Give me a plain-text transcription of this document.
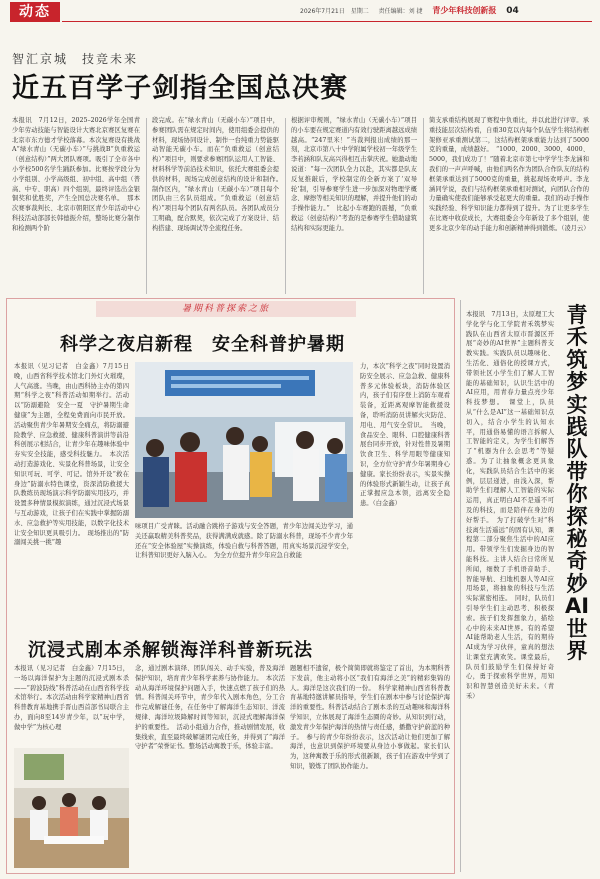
动态	2026年7月21日　星期二 　 责任编辑：刘 捷 　 青少年科技创新报 　 04
智汇京城　技竞未来
近五百学子剑指全国总决赛
本报讯　7月12日，2025–2026学年全国青少年劳动技能与智能设计大赛北京赛区复赛在北京市东方德才学校落幕。本次复赛设有挑战A“绿水青山（无碳小车）”与挑战B“负重救运（创意结构）”两大团队赛项。吸引了全市各中小学校500名学生踊跃参加。比赛按学段分为小学组别、小学高级组、初中组、高中组（普高、中专、职高）四个组别，最终评选出金银铜奖和优胜奖，产生全国总决赛名单。　那本次赛事裁判长、北京市朝阳区青少年活动中心科技活动部部长韩德振介绍，整场比赛分制作和检测两个阶
段完成。在“绿水青山（无碳小车）”项目中，参赛团队需在规定时间内，使用组委会提供的材料，现场协同设计、制作一台纯重力势能驱动智能无碳小车。而在“负重救运（创意结构）”项目中，则要求参赛团队运用人工智能、材料科学等前沿技术知识，依托大赛组委会提供的材料，现场完成创意结构的设计和制作。　制作区内，“绿水青山（无碳小车）”项目每个团队由三名队员组成。“负重救运（创意结构）”项目每个团队有两名队员。各团队成员分工明确，配合默契，依次完成了方案设计、结构搭建、现场调试等全流程任务。
根据评审规则，“绿水青山（无碳小车）”项目的小车要在规定赛道内有效行驶距离越远成绩越高。“247里米！”当裁判报出成绩的那一刻，北京市第八十中学附属学校初一年级学生李若涵和队友高兴得相互击掌庆祝。她激动地说道：“每一次团队全力以赴，其实都是队友反复推敲后，学校制定的全新方案了‘双导轮’制，引导参赛学生进一步加深对物理学概念、摩擦等相关知识的理解，并提升他们的动手操作能力。”　比起小车赛跑的震撼，“负重救运（创意结构）”考查的是参赛学生借助建筑结构和实际更能力。
简支承重结构展现了赛程中负重比，并以此进行评审。承重技能层次结构看，自重30克以内每个队伍学生将结构框架修亚承重测试第二，这结构框架承重能力达到了5000克的重量，成绩越好。　“1000、2000、3000、4000、5000，我们成功了！”随着北京市第七中学学生李龙涵和我们的一声声呼喊，由他们两名作为团队合作队友的结构框架承重达到了5000克的重量，挑起现场欢呼声。李龙涵同学说，我们与结构框架承重相对测试，向团队合作的力量确实使我们能够承受起更大的重量。我们的动手操作实践经验、科学知识能力都得到了提升。为了让更多学生在比赛中收获成长，大赛组委会今年新设了多个组别，使更多北京少年的动手能力和创新精神得到锻炼。（凌月云）
暑期科普探索之旅
科学之夜启新程　安全科普护暑期
本报讯（见习记者　白金鑫）7月15日晚，山西省科学技术馆北门外灯火璀璨，人气高涨。当晚，由山西科协主办的第四期“科学之夜”科普活动如期举行。活动以“防溺避险　安全一夏　守护暑期生命健康”为主题，全程免费面向市民开放。活动聚焦青少年暑期安全痛点，将防溺避险教学、应急救援、健康科普演讲等前沿科创展示相结合，让青少年在趣味体验中夯实安全技能，感受科技魅力。　本次活动打造游戏化、实景化科普场景，让安全知识可玩、可学、可记。馆外开设“救在身边”防溺水特色课堂，资深消防救援大队教练员现场演示科学防溺实用技巧，并设置多种情景模拟演练，通过沉浸式场景与互动游戏，让孩子们在实践中掌握防溺水、应急救护等实用技能，以数字化技术让安全知识更具吸引力。　现场推出的“防溺闯关挑一挑”趣
力，本次“科学之夜”同时设置消防安全展示、应急急救、健康科普多元体验板块，消防体验区内，孩子们有序登上消防车观看装备，近距离观摩智能救援设备，聆听消防员讲解火灾防范、用电、用气安全常识。　当晚，食品安全、眼科、口腔健康科普展台同步开放，针对性普及暑期饮食卫生、科学用眼等健康知识，全方位守护青少年暑期身心健康。家长纷纷表示，实景实操的体验形式新颖生动，让孩子真正掌握应急本领，远离安全隐患。（白金鑫）
味项目广受青睐。活动融合跳格子游戏与安全答题，青少年边闯关边学习，通关还赢取精美科普奖品，获得满满成就感。除了防溺水科普，现场不少青少年还在“安全体验屋”实操演练，体验自救与科普答题，用真实场景沉浸学安全，让科普知识更好入脑入心。　为全方位提升青少年应急自救能
沉浸式剧本杀解锁海洋科普新玩法
本报讯（见习记者　白金鑫）7月15日，一场以海洋保护为主题的沉浸式剧本杀——“碧波防线”科普活动在山西省科学技术馆举行。本次活动由科学家精神山西省科普教育基地携手晋山西首部书局联合主办，面向8至14岁青少年，以“玩中学，做中学”为核心理
念，通过剧本演绎、团队闯关、动手实验，普及海洋保护知识，培育青少年科学素养与协作能力。　本次活动从海洋环境保护问题入手，快速点燃了孩子们的热情。科普闯关环节中，青少年代入剧本角色，分工合作完成解谜任务，在任务中了解海洋生态知识、洋流规律、海洋垃圾降解时间等知识，沉浸式理解海洋保护的重要性。　活动小组通力合作，推动剧情发展，收集线索，直至最终破解谜团完成任务，并得到了“海洋守护者”荣誉证书。整场活动寓教于乐，体验丰富。
题题相不遗留，极个简简即就将鉴定了首出，为本期科普下发前，他主动将小区“我们有海洋之美”的精彩集锦的人。海洋是这次我们的一份。　科学家精神山西省科普教育基地特邀讲解员指导，学生们在剧本中参与讨论保护海洋的重要性。科普活动结合了剧本杀的互动趣味和海洋科学知识，立体展现了海洋生态圈的奇妙。从知识到行动，激发青少年保护海洋的热情与责任感，播撒守护蔚蓝的种子。　参与的青少年纷纷表示，这次活动让他们更加了解海洋，也意识到保护环境要从身边小事做起。家长们认为，这种寓教于乐的形式很新颖，孩子们在游戏中学到了知识，锻炼了团队协作能力。
青禾筑梦实践队带你探秘奇妙AI世界
本报讯　7月13日，太原理工大学化学与化工学院青禾筑梦实践队在山西省太原市晋源区开展“奇妙的AI世界”主题科普支教实践。实践队员以趣味化、生活化、通俗化的授课方式，带领社区小学生们了解人工智能的基础知识，认识生活中的AI应用，用青春力量点亮少年科技梦想。　课堂上，队员从“什么是AI”这一基础知识点切入，结合小学生的认知水平，用通俗易懂的语言拆解人工智能的定义，为学生们解答了“机器为什么会思考”等疑惑。为了让抽象概念更具象化，实践队员结合生活中的案例，层层递进，由浅入深，帮助学生们理解人工智能的实际运用，真正明白AI不是遥不可及的科技，而是陪伴在身边的好帮手。　为了打破学生对“科技离生活遥远”的固有认知，课程第二部分聚焦生活中的AI应用。带领学生们发掘身边的智能科技。主讲人结合日常所见所闻，细数了手机语音助手、智能导航、扫地机器人等AI应用场景，将抽象的科技与生活实际紧密相连。　同时，队员们引导学生们主动思考、积极探索。孩子们发挥想象力，描绘心中的未来AI世界。有的希望AI能帮助老人生活，有的期待AI成为学习伙伴，童真的想法让课堂充满欢笑。课堂最后，队员们鼓励学生们保持好奇心，勇于探索科学世界，用知识和智慧创造美好未来。（青禾）
